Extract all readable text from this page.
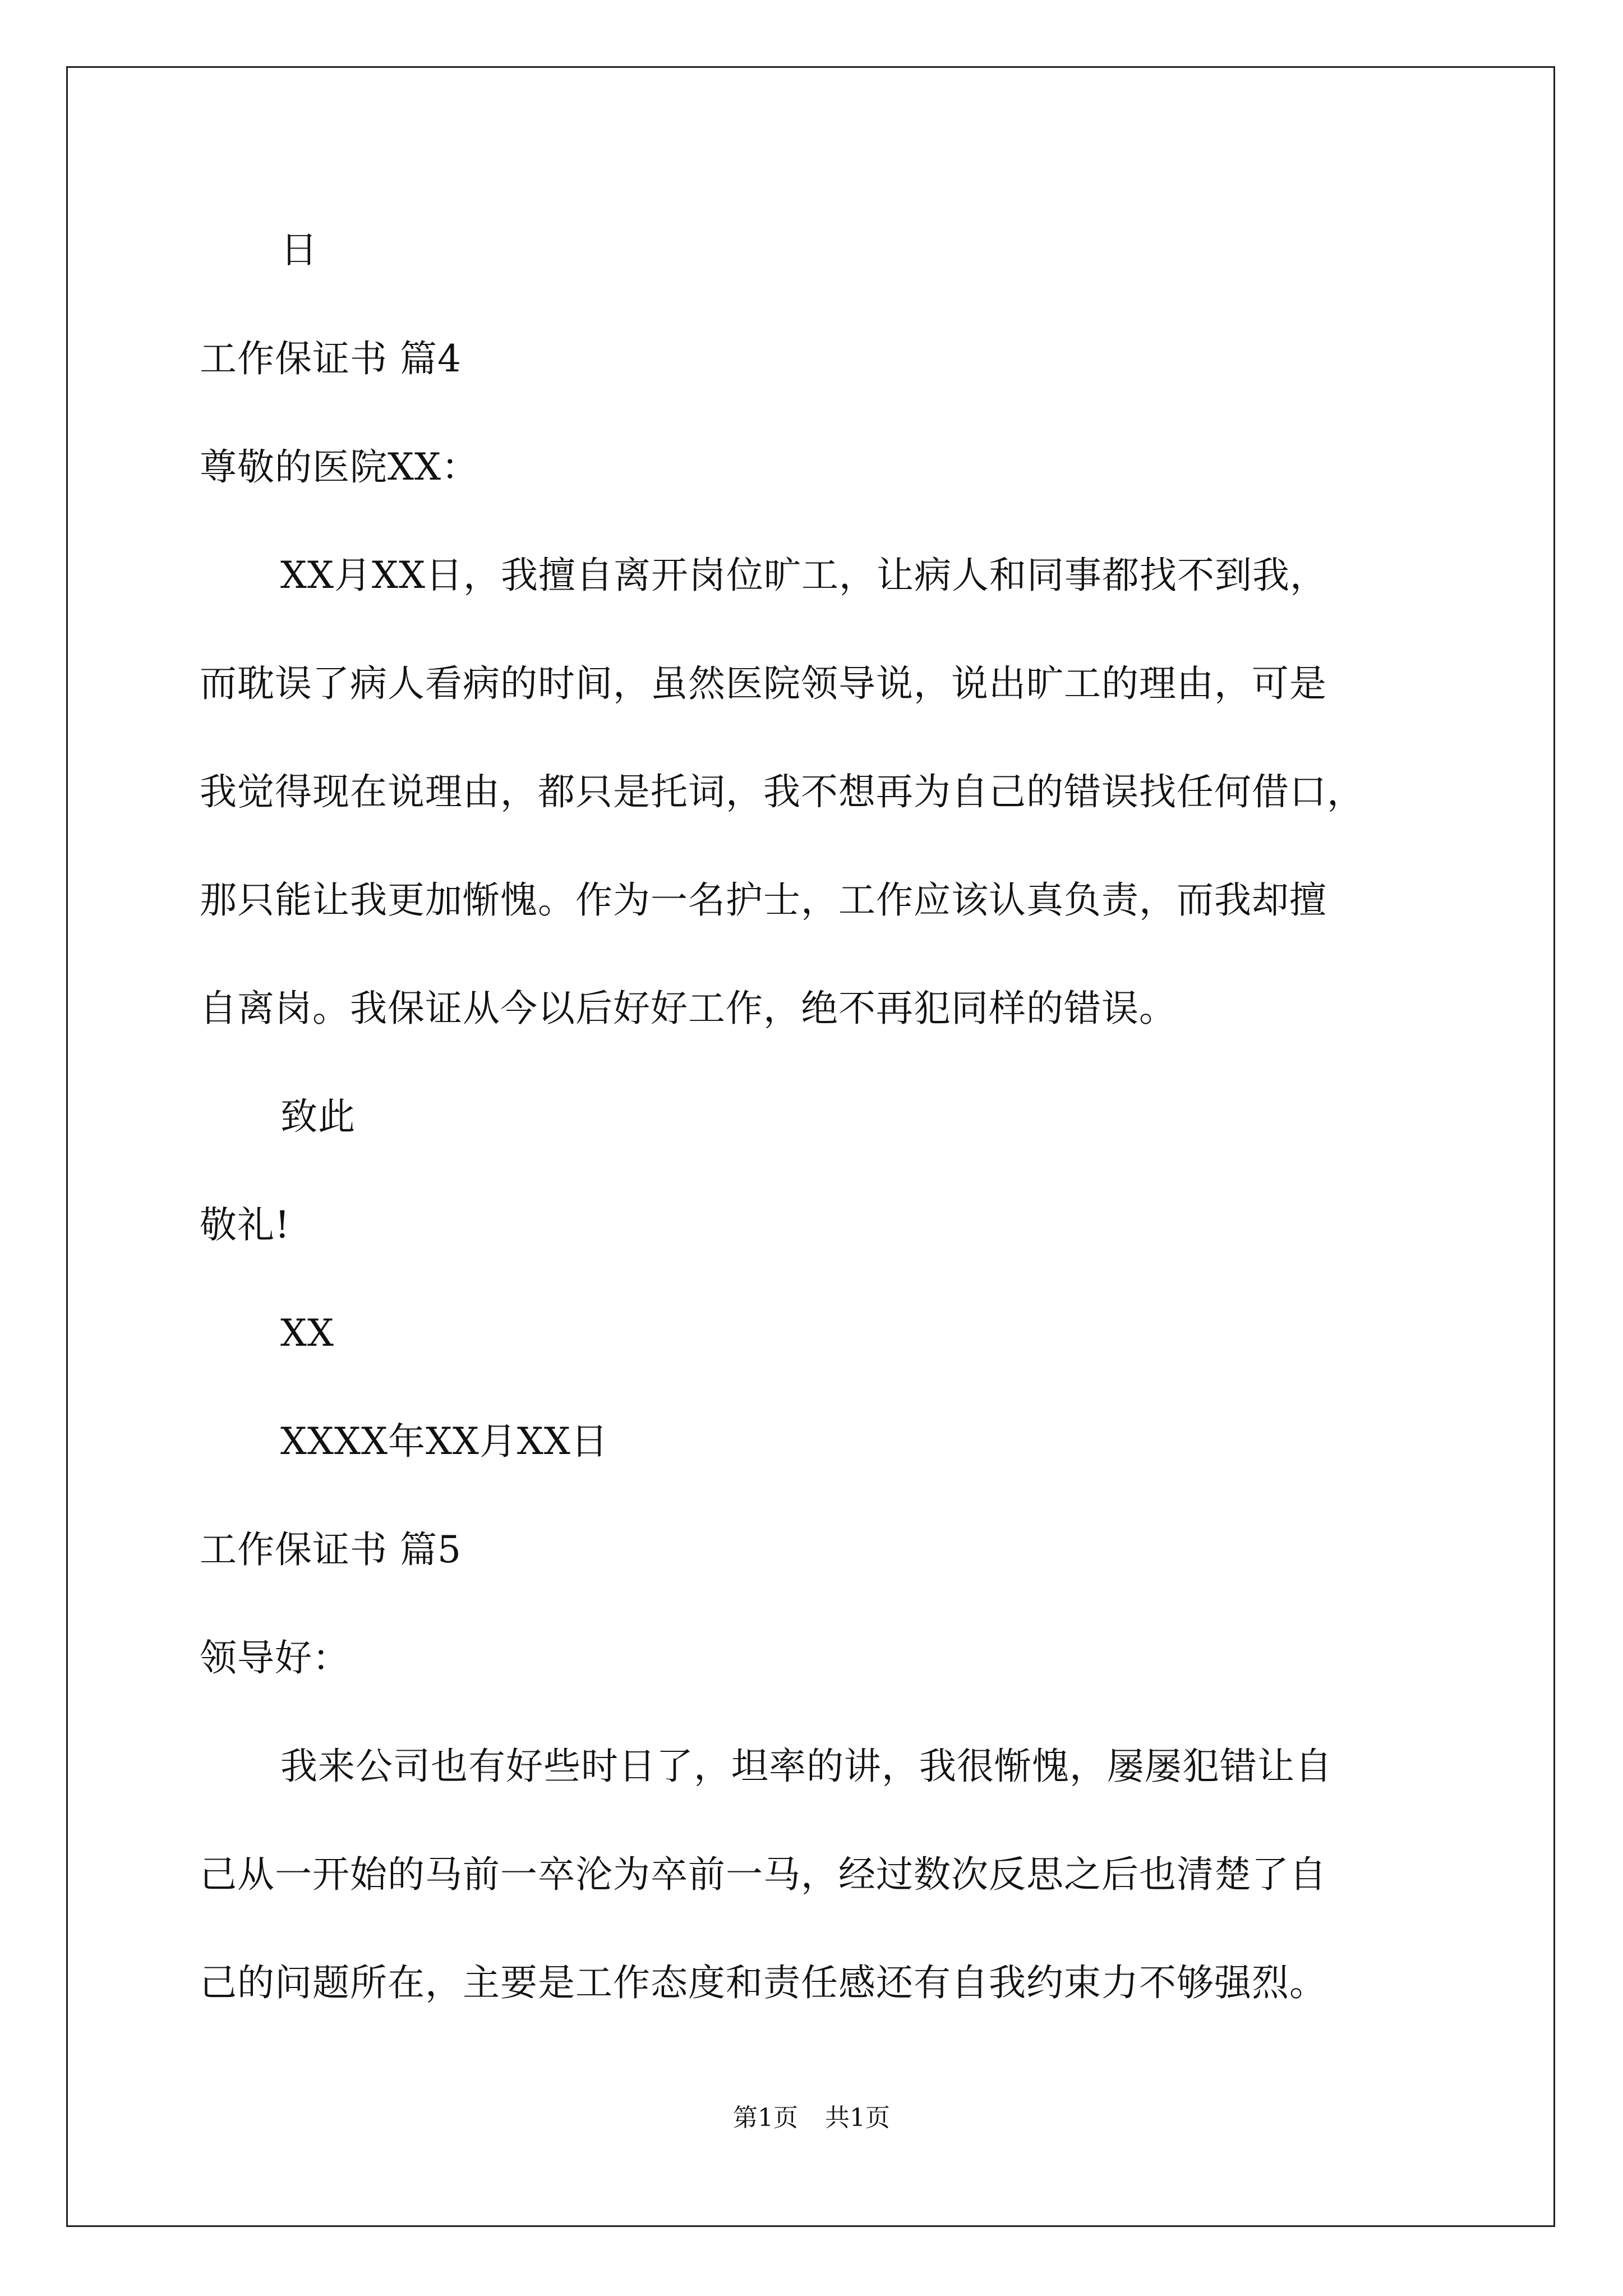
日

工作保证书 篇4

尊敬的医院XX：

XX月XX日，我擅自离开岗位旷工，让病人和同事都找不到我，

而耽误了病人看病的时间，虽然医院领导说，说出旷工的理由，可是

我觉得现在说理由，都只是托词，我不想再为自己的错误找任何借口，

那只能让我更加惭愧。作为一名护士，工作应该认真负责，而我却擅

自离岗。我保证从今以后好好工作，绝不再犯同样的错误。

致此

敬礼!

XX

XXXX年XX月XX日

工作保证书 篇5

领导好：

我来公司也有好些时日了，坦率的讲，我很惭愧，屡屡犯错让自

己从一开始的马前一卒沦为卒前一马，经过数次反思之后也清楚了自

己的问题所在，主要是工作态度和责任感还有自我约束力不够强烈。

第1页 共1页
